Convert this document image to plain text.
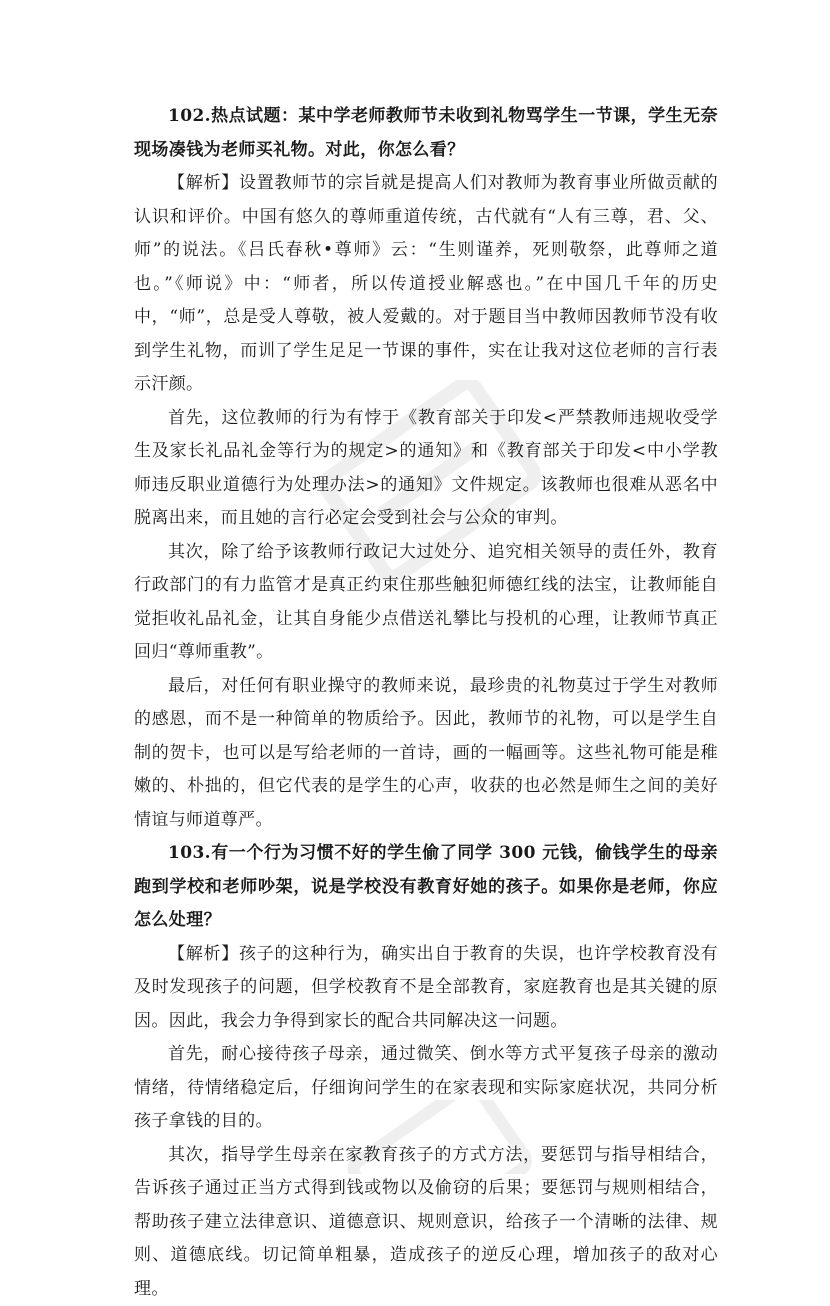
102.热点试题：某中学老师教师节未收到礼物骂学生一节课，学生无奈现场凑钱为老师买礼物。对此，你怎么看？

【解析】设置教师节的宗旨就是提高人们对教师为教育事业所做贡献的认识和评价。中国有悠久的尊师重道传统，古代就有“人有三尊，君、父、师”的说法。《吕氏春秋•尊师》云：“生则谨养，死则敬祭，此尊师之道也。”《师说》中：“师者，所以传道授业解惑也。”在中国几千年的历史中，“师”，总是受人尊敬，被人爱戴的。对于题目当中教师因教师节没有收到学生礼物，而训了学生足足一节课的事件，实在让我对这位老师的言行表示汗颜。

首先，这位教师的行为有悖于《教育部关于印发<严禁教师违规收受学生及家长礼品礼金等行为的规定>的通知》和《教育部关于印发<中小学教师违反职业道德行为处理办法>的通知》文件规定。该教师也很难从恶名中脱离出来，而且她的言行必定会受到社会与公众的审判。

其次，除了给予该教师行政记大过处分、追究相关领导的责任外，教育行政部门的有力监管才是真正约束住那些触犯师德红线的法宝，让教师能自觉拒收礼品礼金，让其自身能少点借送礼攀比与投机的心理，让教师节真正回归“尊师重教”。

最后，对任何有职业操守的教师来说，最珍贵的礼物莫过于学生对教师的感恩，而不是一种简单的物质给予。因此，教师节的礼物，可以是学生自制的贺卡，也可以是写给老师的一首诗，画的一幅画等。这些礼物可能是稚嫩的、朴拙的，但它代表的是学生的心声，收获的也必然是师生之间的美好情谊与师道尊严。

103.有一个行为习惯不好的学生偷了同学 300 元钱，偷钱学生的母亲跑到学校和老师吵架，说是学校没有教育好她的孩子。如果你是老师，你应怎么处理？

【解析】孩子的这种行为，确实出自于教育的失误，也许学校教育没有及时发现孩子的问题，但学校教育不是全部教育，家庭教育也是其关键的原因。因此，我会力争得到家长的配合共同解决这一问题。

首先，耐心接待孩子母亲，通过微笑、倒水等方式平复孩子母亲的激动情绪，待情绪稳定后，仔细询问学生的在家表现和实际家庭状况，共同分析孩子拿钱的目的。

其次，指导学生母亲在家教育孩子的方式方法，要惩罚与指导相结合，告诉孩子通过正当方式得到钱或物以及偷窃的后果；要惩罚与规则相结合，帮助孩子建立法律意识、道德意识、规则意识，给孩子一个清晰的法律、规则、道德底线。切记简单粗暴，造成孩子的逆反心理，增加孩子的敌对心理。
